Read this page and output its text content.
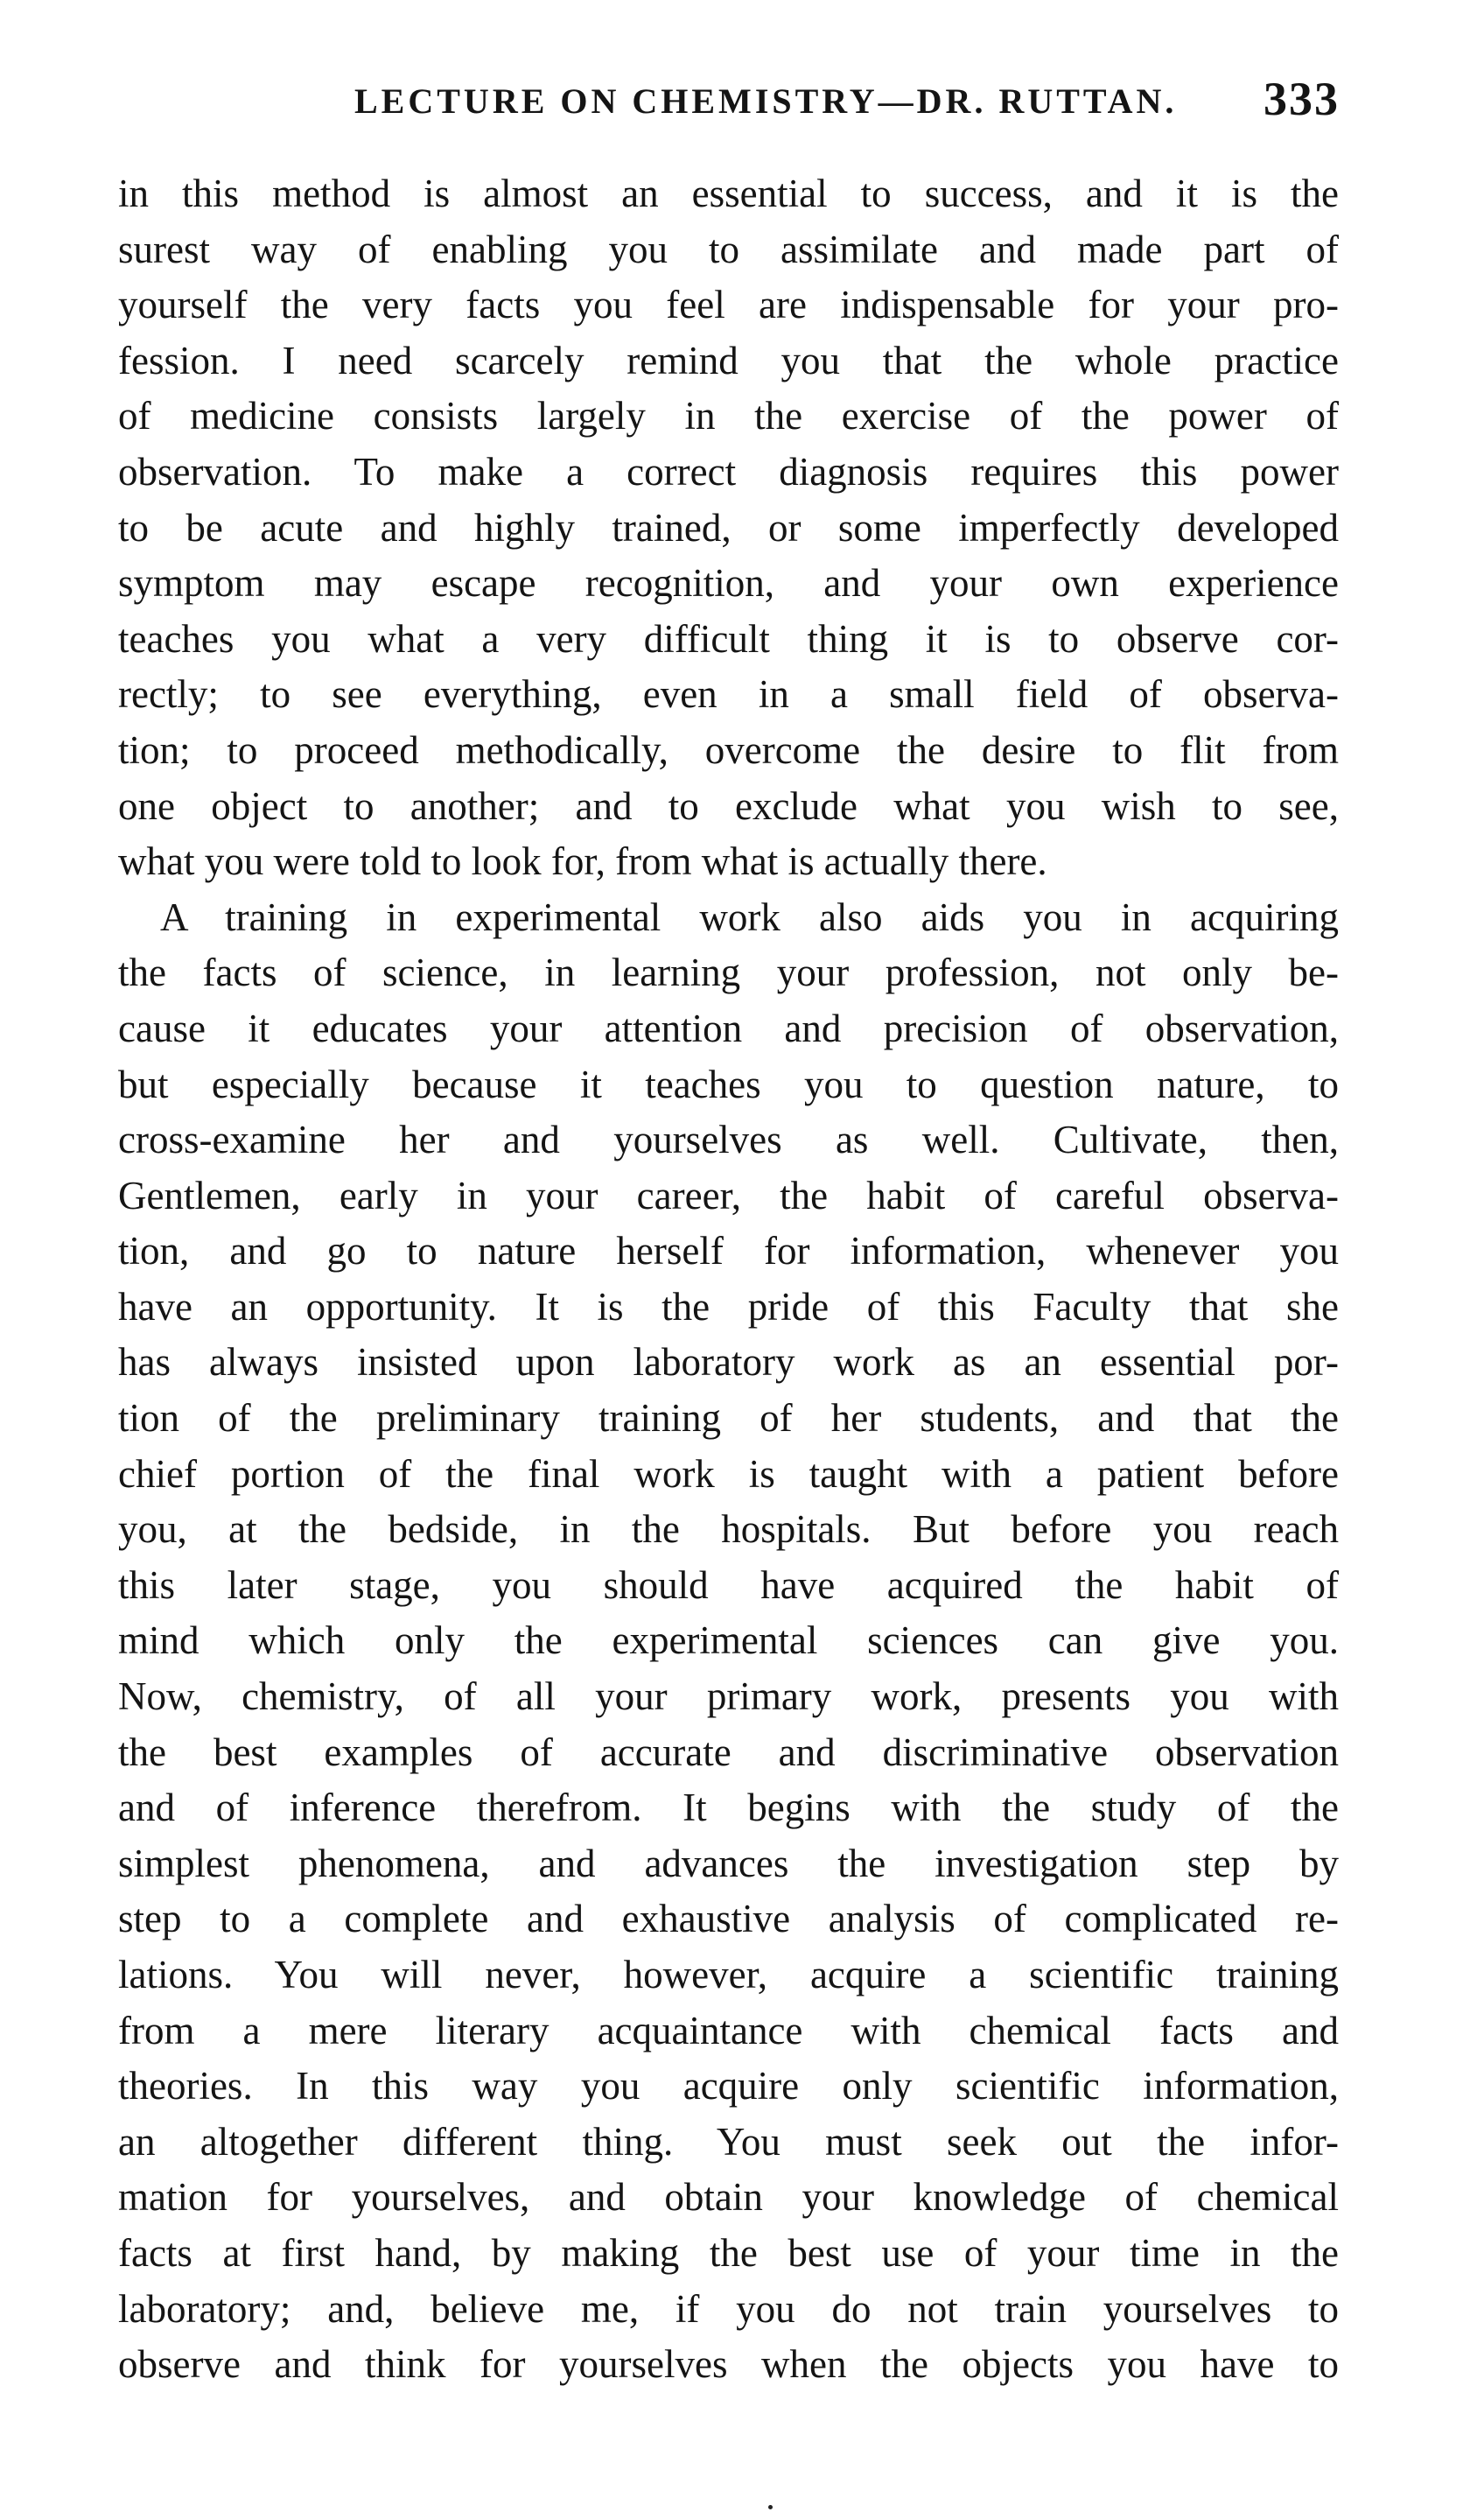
LECTURE ON CHEMISTRY—DR. RUTTAN. 333
in this method is almost an essential to success, and it is the
surest way of enabling you to assimilate and made part of
yourself the very facts you feel are indispensable for your pro-
fession. I need scarcely remind you that the whole practice
of medicine consists largely in the exercise of the power of
observation. To make a correct diagnosis requires this power
to be acute and highly trained, or some imperfectly developed
symptom may escape recognition, and your own experience
teaches you what a very difficult thing it is to observe cor-
rectly; to see everything, even in a small field of observa-
tion; to proceed methodically, overcome the desire to flit from
one object to another; and to exclude what you wish to see,
what you were told to look for, from what is actually there.
A training in experimental work also aids you in acquiring
the facts of science, in learning your profession, not only be-
cause it educates your attention and precision of observation,
but especially because it teaches you to question nature, to
cross-examine her and yourselves as well. Cultivate, then,
Gentlemen, early in your career, the habit of careful observa-
tion, and go to nature herself for information, whenever you
have an opportunity. It is the pride of this Faculty that she
has always insisted upon laboratory work as an essential por-
tion of the preliminary training of her students, and that the
chief portion of the final work is taught with a patient before
you, at the bedside, in the hospitals. But before you reach
this later stage, you should have acquired the habit of
mind which only the experimental sciences can give you.
Now, chemistry, of all your primary work, presents you with
the best examples of accurate and discriminative observation
and of inference therefrom. It begins with the study of the
simplest phenomena, and advances the investigation step by
step to a complete and exhaustive analysis of complicated re-
lations. You will never, however, acquire a scientific training
from a mere literary acquaintance with chemical facts and
theories. In this way you acquire only scientific information,
an altogether different thing. You must seek out the infor-
mation for yourselves, and obtain your knowledge of chemical
facts at first hand, by making the best use of your time in the
laboratory; and, believe me, if you do not train yourselves to
observe and think for yourselves when the objects you have to
